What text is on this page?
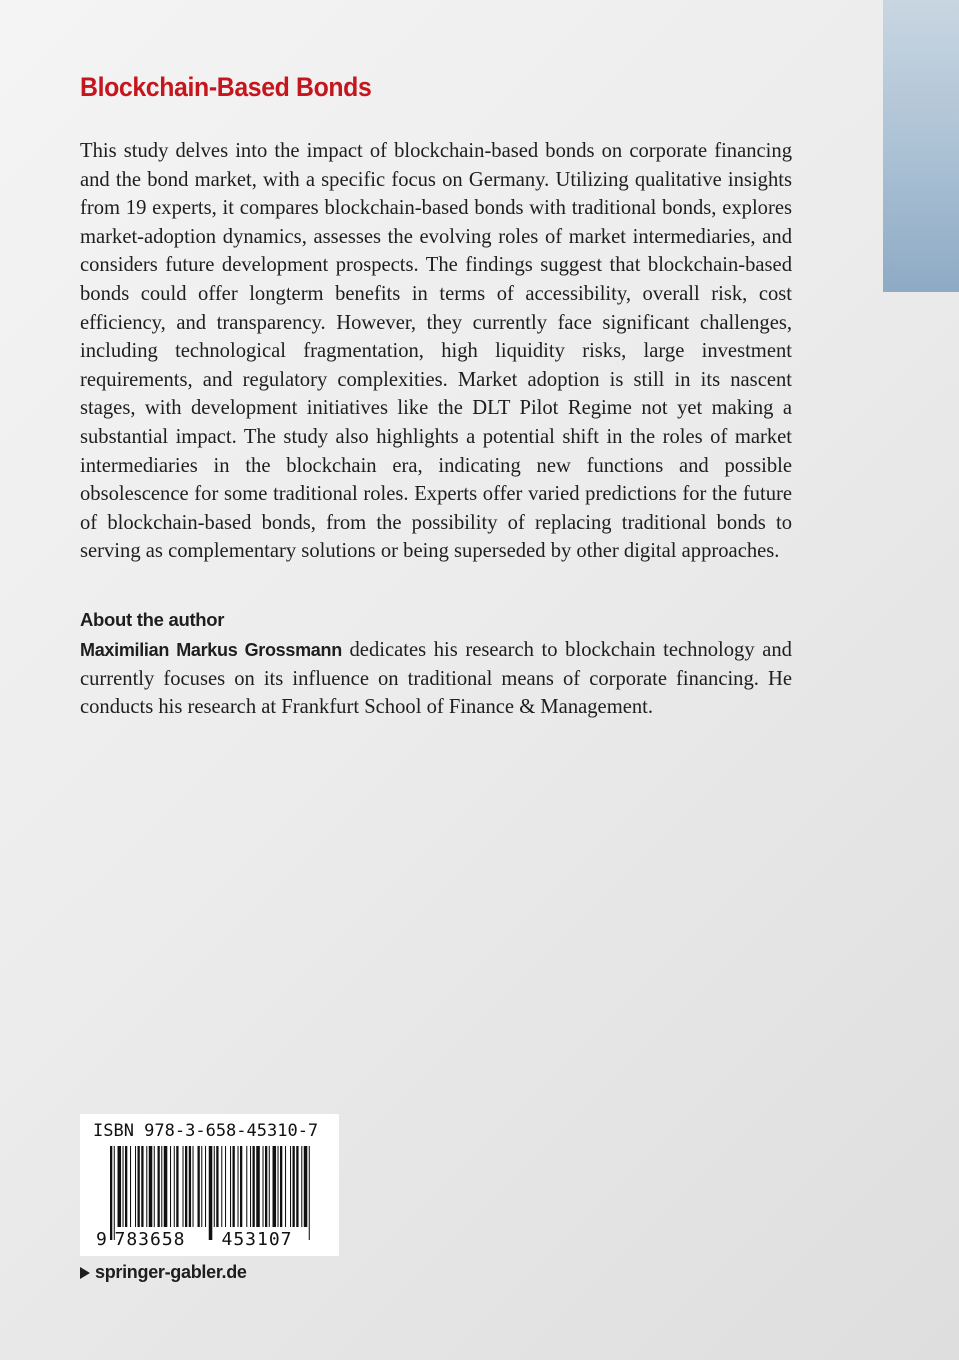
Blockchain-Based Bonds

This study delves into the impact of blockchain-based bonds on corporate financing and the bond market, with a specific focus on Germany. Utilizing qualitative insights from 19 experts, it compares blockchain-based bonds with traditional bonds, explores market-adoption dynamics, assesses the evolving roles of market intermediaries, and considers future development prospects. The findings suggest that blockchain-based bonds could offer longterm benefits in terms of accessibility, overall risk, cost efficiency, and transparency. However, they currently face significant challenges, including technological fragmentation, high liquidity risks, large investment requirements, and regulatory complexities. Market adoption is still in its nascent stages, with development initiatives like the DLT Pilot Regime not yet making a substantial impact. The study also highlights a potential shift in the roles of market intermediaries in the blockchain era, indicating new functions and possible obsolescence for some traditional roles. Experts offer varied predictions for the future of blockchain-based bonds, from the possibility of replacing traditional bonds to serving as complementary solutions or being superseded by other digital approaches.

About the author

Maximilian Markus Grossmann dedicates his research to blockchain technology and currently focuses on its influence on traditional means of corporate financing. He conducts his research at Frankfurt School of Finance & Management.

ISBN 978-3-658-45310-7
9 783658 453107
springer-gabler.de
